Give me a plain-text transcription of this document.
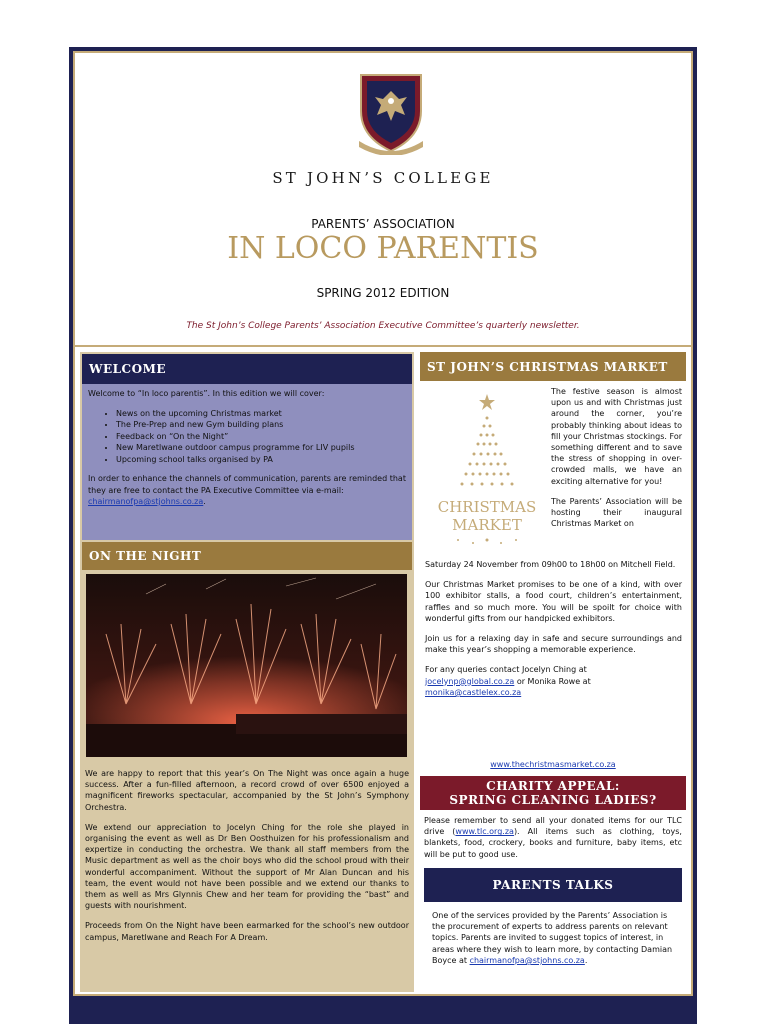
ST JOHN’S COLLEGE
PARENTS’ ASSOCIATION
IN LOCO PARENTIS
SPRING 2012 EDITION
The St John’s College Parents’ Association Executive Committee’s quarterly newsletter.
WELCOME

Welcome to “In loco parentis”. In this edition we will cover:

• News on the upcoming Christmas market
• The Pre-Prep and new Gym building plans
• Feedback on “On the Night”
• New Maretlwane outdoor campus programme for LIV pupils
• Upcoming school talks organised by PA

In order to enhance the channels of communication, parents are reminded that they are free to contact the PA Executive Committee via e-mail: chairmanofpa@stjohns.co.za.

ON THE NIGHT

We are happy to report that this year’s On The Night was once again a huge success. After a fun-filled afternoon, a record crowd of over 6500 enjoyed a magnificent fireworks spectacular, accompanied by the St John’s Symphony Orchestra.

We extend our appreciation to Jocelyn Ching for the role she played in organising the event as well as Dr Ben Oosthuizen for his professionalism and expertize in conducting the orchestra. We thank all staff members from the Music department as well as the choir boys who did the school proud with their wonderful accompaniment. Without the support of Mr Alan Duncan and his team, the event would not have been possible and we extend our thanks to them as well as Mrs Glynnis Chew and her team for providing the “bast” and guests with nourishment.

Proceeds from On the Night have been earmarked for the school’s new outdoor campus, Maretlwane and Reach For A Dream.

ST JOHN’S CHRISTMAS MARKET
CHRISTMAS
MARKET

The festive season is almost upon us and with Christmas just around the corner, you’re probably thinking about ideas to fill your Christmas stockings. For something different and to save the stress of shopping in over-crowded malls, we have an exciting alternative for you!

The Parents’ Association will be hosting their inaugural Christmas Market on

Saturday 24 November from 09h00 to 18h00 on Mitchell Field.

Our Christmas Market promises to be one of a kind, with over 100 exhibitor stalls, a food court, children’s entertainment, raffles and so much more. You will be spoilt for choice with wonderful gifts from our handpicked exhibitors.

Join us for a relaxing day in safe and secure surroundings and make this year’s shopping a memorable experience.

For any queries contact Jocelyn Ching at
jocelynp@global.co.za or Monika Rowe at
monika@castlelex.co.za

www.thechristmasmarket.co.za
CHARITY APPEAL:
SPRING CLEANING LADIES?
Please remember to send all your donated items for our TLC drive (www.tlc.org.za). All items such as clothing, toys, blankets, food, crockery, books and furniture, baby items, etc will be put to good use.
PARENTS TALKS
One of the services provided by the Parents’ Association is the procurement of experts to address parents on relevant topics. Parents are invited to suggest topics of interest, in areas where they wish to learn more, by contacting Damian Boyce at chairmanofpa@stjohns.co.za.
